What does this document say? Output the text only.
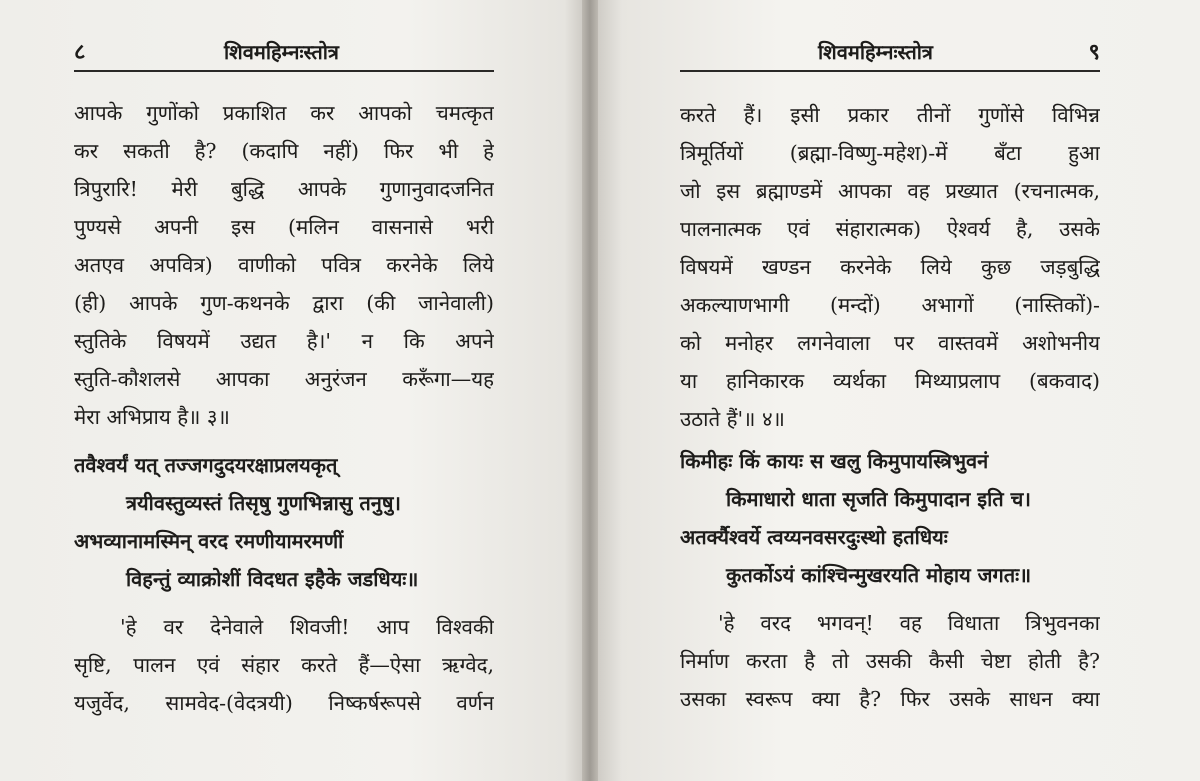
८	शिवमहिम्नःस्तोत्र
आपके गुणोंको प्रकाशित कर आपको चमत्कृत
कर सकती है? (कदापि नहीं) फिर भी हे
त्रिपुरारि! मेरी बुद्धि आपके गुणानुवादजनित
पुण्यसे अपनी इस (मलिन वासनासे भरी
अतएव अपवित्र) वाणीको पवित्र करनेके लिये
(ही) आपके गुण-कथनके द्वारा (की जानेवाली)
स्तुतिके विषयमें उद्यत है।' न कि अपने
स्तुति-कौशलसे आपका अनुरंजन करूँगा—यह
मेरा अभिप्राय है॥ ३॥
तवैश्वर्यं यत् तज्जगदुदयरक्षाप्रलयकृत्
त्रयीवस्तुव्यस्तं तिसृषु गुणभिन्नासु तनुषु।
अभव्यानामस्मिन् वरद रमणीयामरमणीं
विहन्तुं व्याक्रोशीं विदधत इहैके जडधियः॥
'हे वर देनेवाले शिवजी! आप विश्वकी
सृष्टि, पालन एवं संहार करते हैं—ऐसा ऋग्वेद,
यजुर्वेद, सामवेद-(वेदत्रयी) निष्कर्षरूपसे वर्णन
शिवमहिम्नःस्तोत्र	९
करते हैं। इसी प्रकार तीनों गुणोंसे विभिन्न
त्रिमूर्तियों (ब्रह्मा-विष्णु-महेश)-में बँटा हुआ
जो इस ब्रह्माण्डमें आपका वह प्रख्यात (रचनात्मक,
पालनात्मक एवं संहारात्मक) ऐश्वर्य है, उसके
विषयमें खण्डन करनेके लिये कुछ जड़बुद्धि
अकल्याणभागी (मन्दों) अभागों (नास्तिकों)-
को मनोहर लगनेवाला पर वास्तवमें अशोभनीय
या हानिकारक व्यर्थका मिथ्याप्रलाप (बकवाद)
उठाते हैं'॥ ४॥
किमीहः किं कायः स खलु किमुपायस्त्रिभुवनं
किमाधारो धाता सृजति किमुपादान इति च।
अतर्क्यैश्वर्ये त्वय्यनवसरदुःस्थो हतधियः
कुतर्कोऽयं कांश्चिन्मुखरयति मोहाय जगतः॥
'हे वरद भगवन्! वह विधाता त्रिभुवनका
निर्माण करता है तो उसकी कैसी चेष्टा होती है?
उसका स्वरूप क्या है? फिर उसके साधन क्या
